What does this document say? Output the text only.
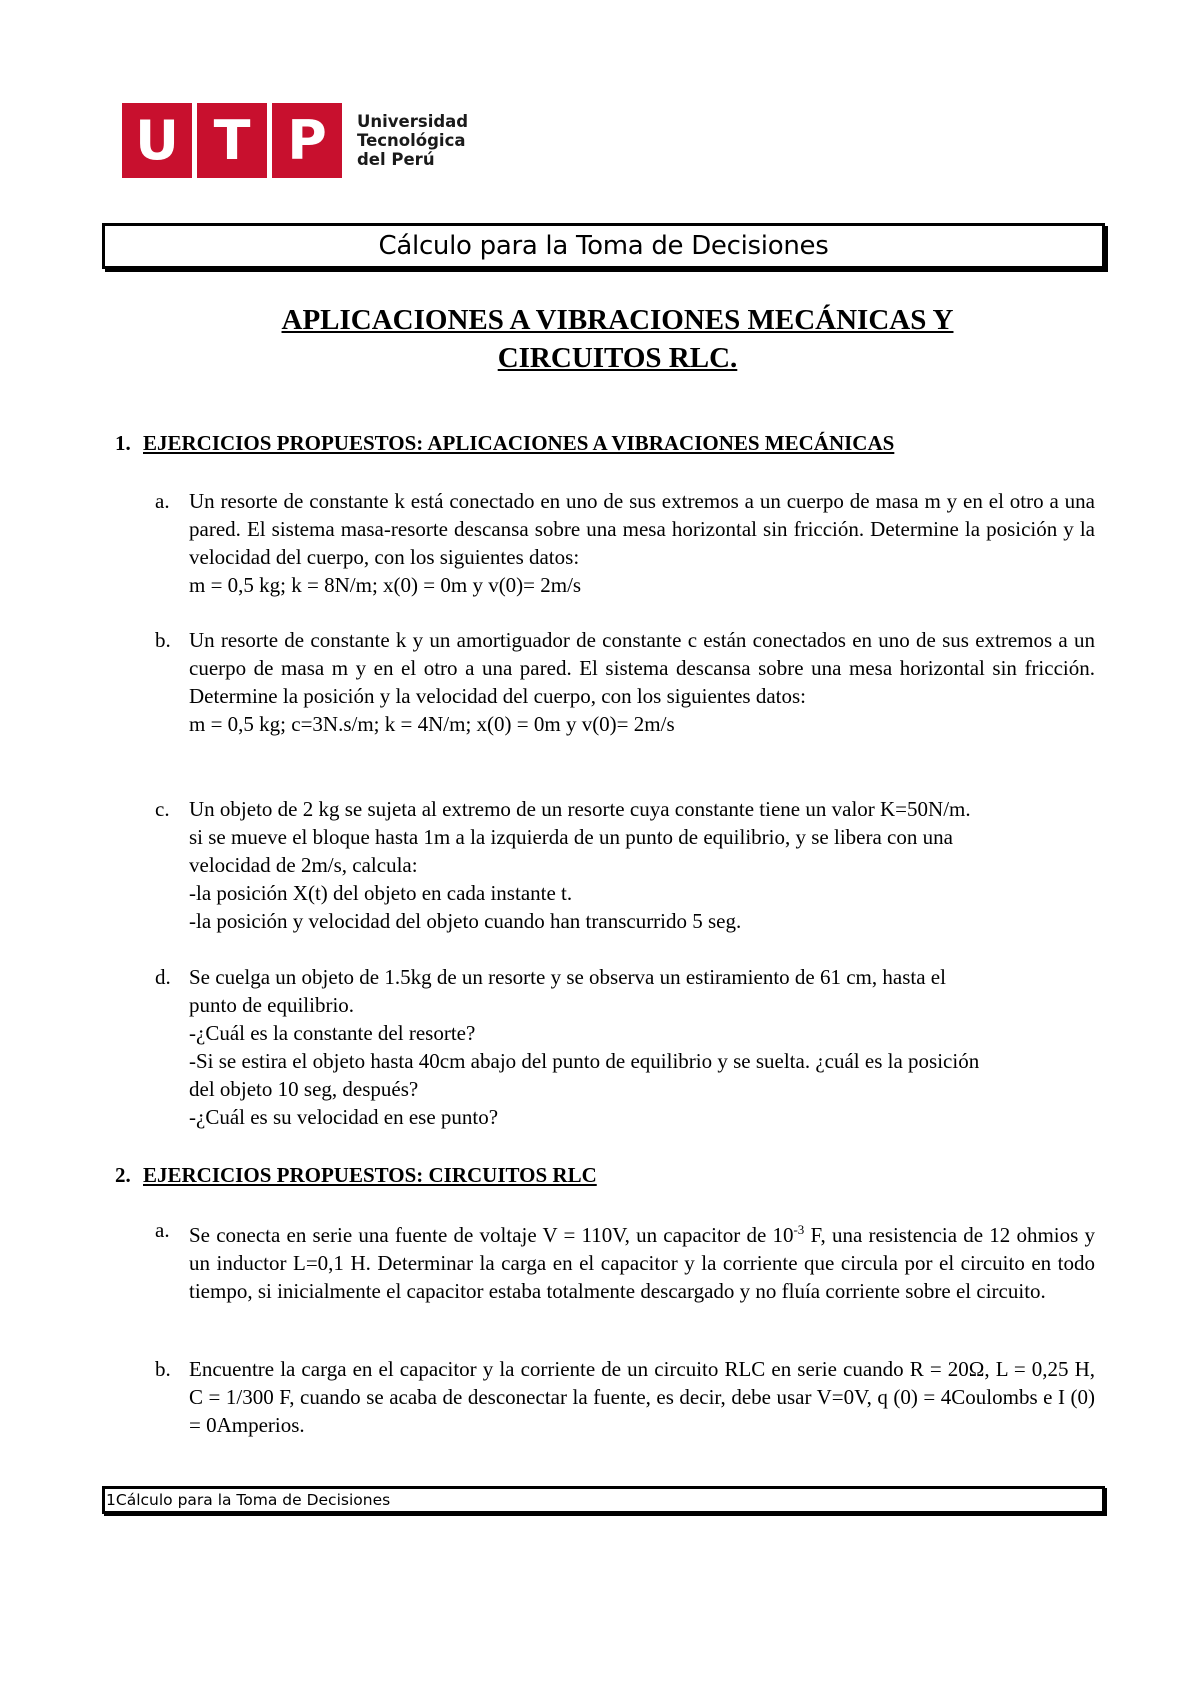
U T P	Universidad
Tecnológica
del Perú
Cálculo para la Toma de Decisiones
APLICACIONES A VIBRACIONES MECÁNICAS Y
CIRCUITOS RLC.
1. EJERCICIOS PROPUESTOS: APLICACIONES A VIBRACIONES MECÁNICAS
a. Un resorte de constante k está conectado en uno de sus extremos a un cuerpo de masa m y en el otro a una pared. El sistema masa-resorte descansa sobre una mesa horizontal sin fricción. Determine la posición y la velocidad del cuerpo, con los siguientes datos:

m = 0,5 kg; k = 8N/m; x(0) = 0m y v(0)= 2m/s

b. Un resorte de constante k y un amortiguador de constante c están conectados en uno de sus extremos a un cuerpo de masa m y en el otro a una pared. El sistema descansa sobre una mesa horizontal sin fricción. Determine la posición y la velocidad del cuerpo, con los siguientes datos:

m = 0,5 kg; c=3N.s/m; k = 4N/m; x(0) = 0m y v(0)= 2m/s

c. Un objeto de 2 kg se sujeta al extremo de un resorte cuya constante tiene un valor K=50N/m.

si se mueve el bloque hasta 1m a la izquierda de un punto de equilibrio, y se libera con una

velocidad de 2m/s, calcula:

-la posición X(t) del objeto en cada instante t.

-la posición y velocidad del objeto cuando han transcurrido 5 seg.

d. Se cuelga un objeto de 1.5kg de un resorte y se observa un estiramiento de 61 cm, hasta el

punto de equilibrio.

-¿Cuál es la constante del resorte?

-Si se estira el objeto hasta 40cm abajo del punto de equilibrio y se suelta. ¿cuál es la posición

del objeto 10 seg, después?

-¿Cuál es su velocidad en ese punto?

2. EJERCICIOS PROPUESTOS: CIRCUITOS RLC
a. Se conecta en serie una fuente de voltaje V = 110V, un capacitor de $10^{-3}$ F, una resistencia de 12 ohmios y un inductor L=0,1 H. Determinar la carga en el capacitor y la corriente que circula por el circuito en todo tiempo, si inicialmente el capacitor estaba totalmente descargado y no fluía corriente sobre el circuito.

b. Encuentre la carga en el capacitor y la corriente de un circuito RLC en serie cuando R = 20Ω, L = 0,25 H, C = 1/300 F, cuando se acaba de desconectar la fuente, es decir, debe usar V=0V, q (0) = 4Coulombs e I (0) = 0Amperios.

1 Cálculo para la Toma de Decisiones
